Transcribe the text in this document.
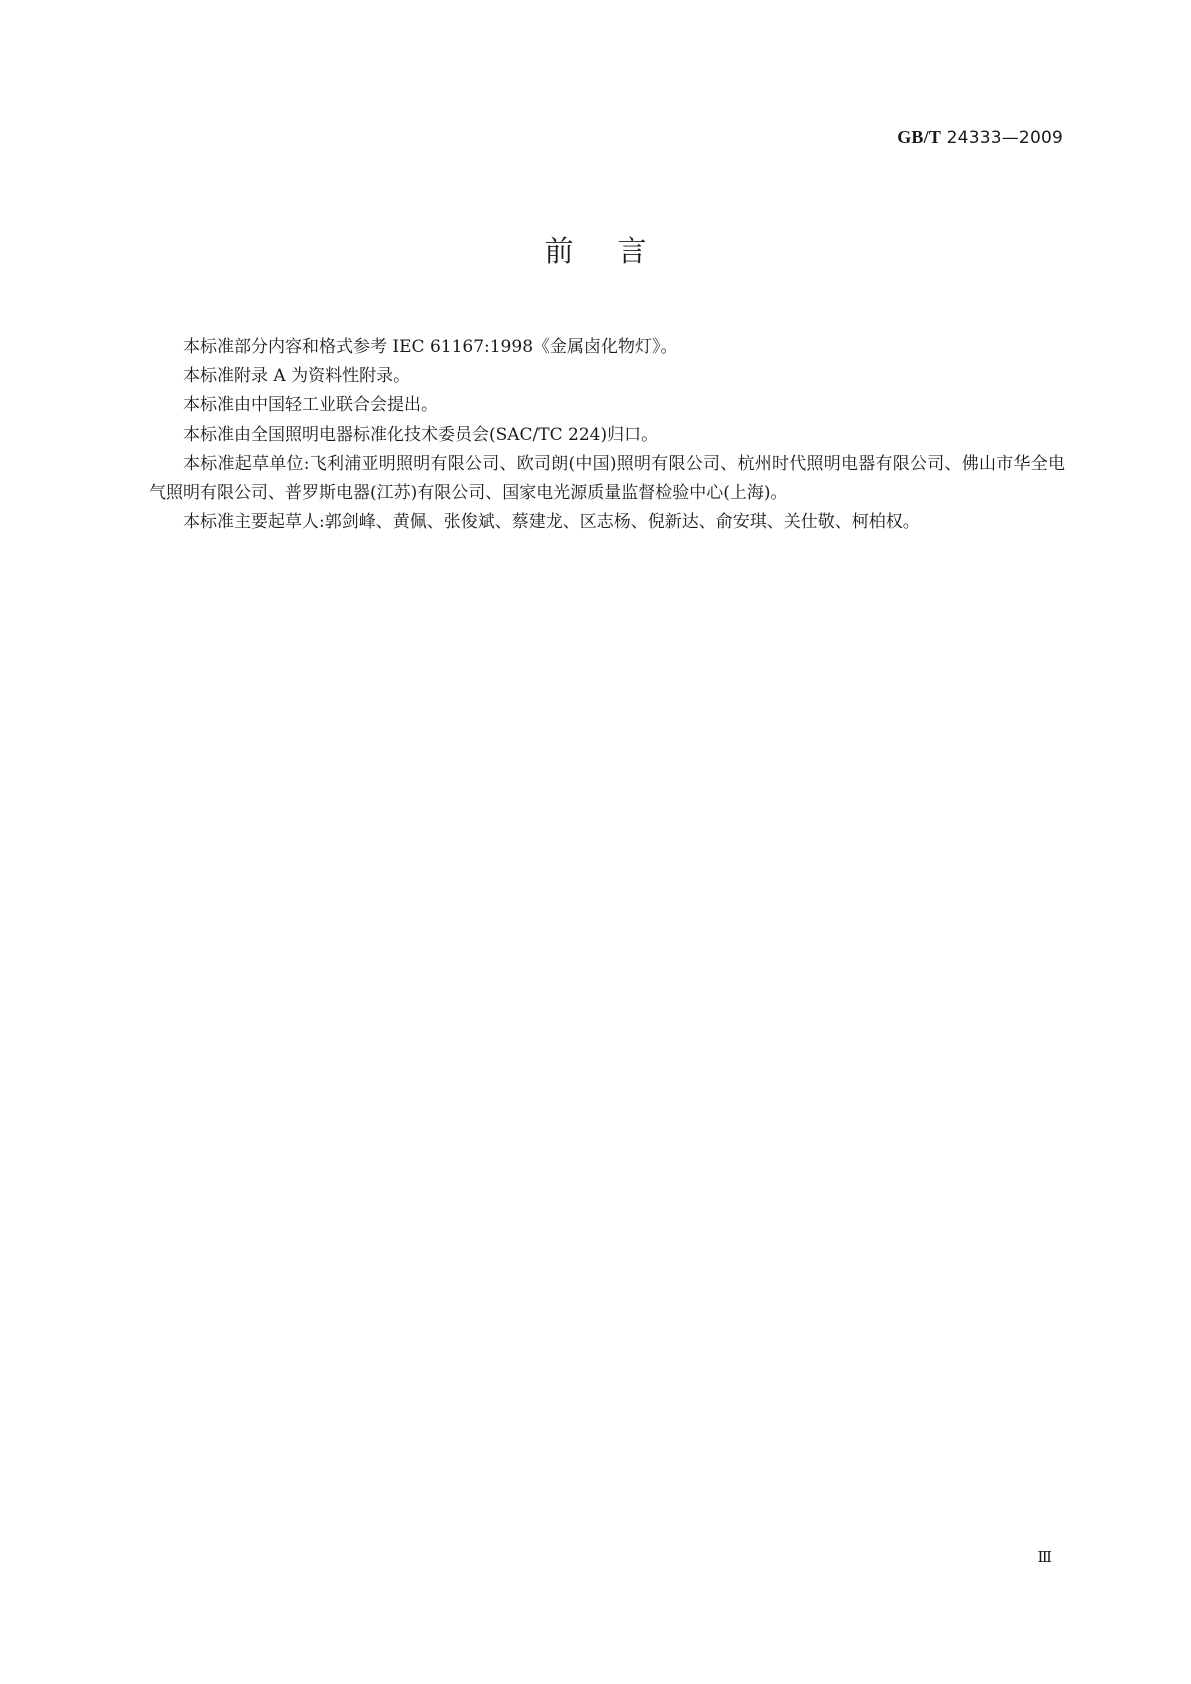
GB/T 24333—2009
前言

本标准部分内容和格式参考 IEC 61167:1998《金属卤化物灯》。

本标准附录 A 为资料性附录。

本标准由中国轻工业联合会提出。

本标准由全国照明电器标准化技术委员会(SAC/TC 224)归口。

本标准起草单位:飞利浦亚明照明有限公司、欧司朗(中国)照明有限公司、杭州时代照明电器有限公司、佛山市华全电气照明有限公司、普罗斯电器(江苏)有限公司、国家电光源质量监督检验中心(上海)。

本标准主要起草人:郭剑峰、黄佩、张俊斌、蔡建龙、区志杨、倪新达、俞安琪、关仕敬、柯柏权。

Ⅲ
